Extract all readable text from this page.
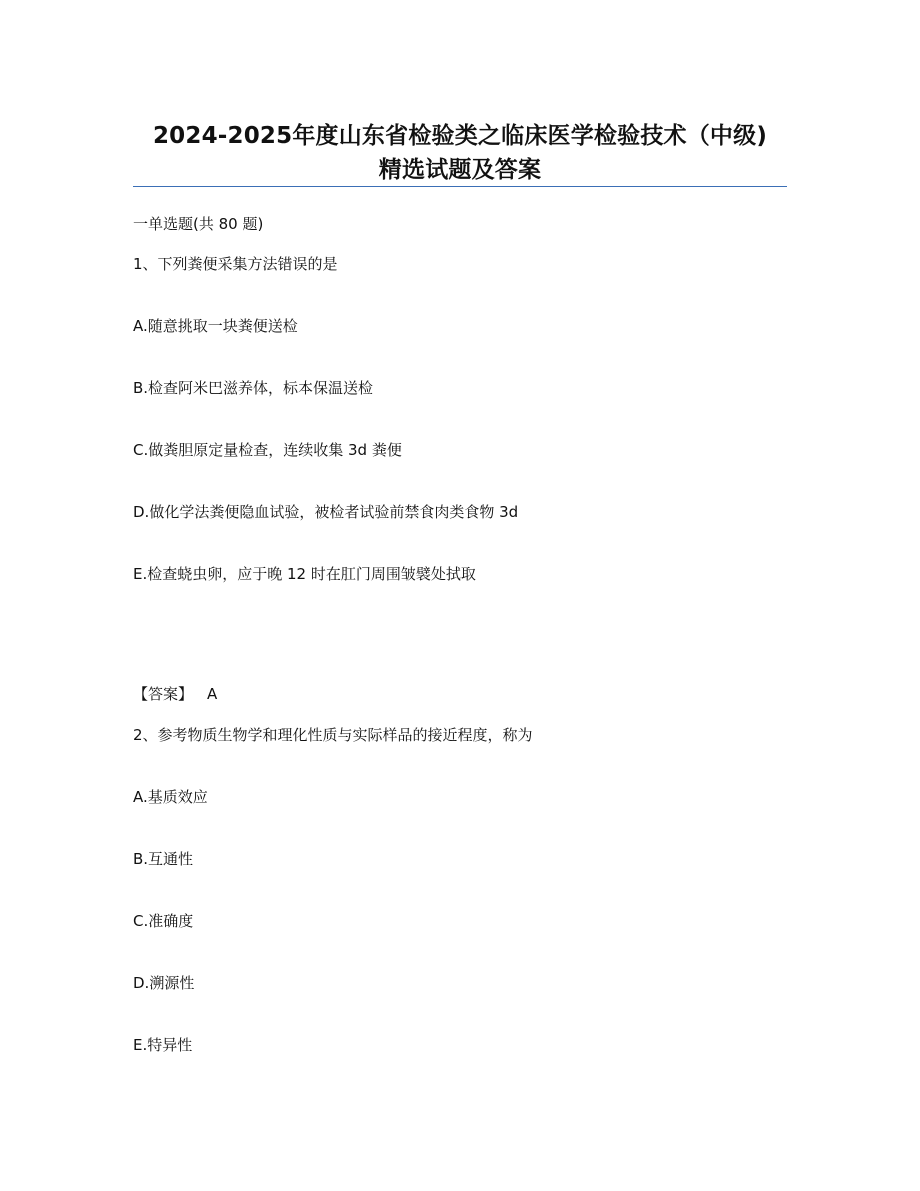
2024-2025年度山东省检验类之临床医学检验技术（中级)
精选试题及答案
一单选题(共 80 题)
1、下列粪便采集方法错误的是
A.随意挑取一块粪便送检
B.检查阿米巴滋养体，标本保温送检
C.做粪胆原定量检查，连续收集 3d 粪便
D.做化学法粪便隐血试验，被检者试验前禁食肉类食物 3d
E.检查蛲虫卵，应于晚 12 时在肛门周围皱襞处拭取
【答案】 A
2、参考物质生物学和理化性质与实际样品的接近程度，称为
A.基质效应
B.互通性
C.准确度
D.溯源性
E.特异性
